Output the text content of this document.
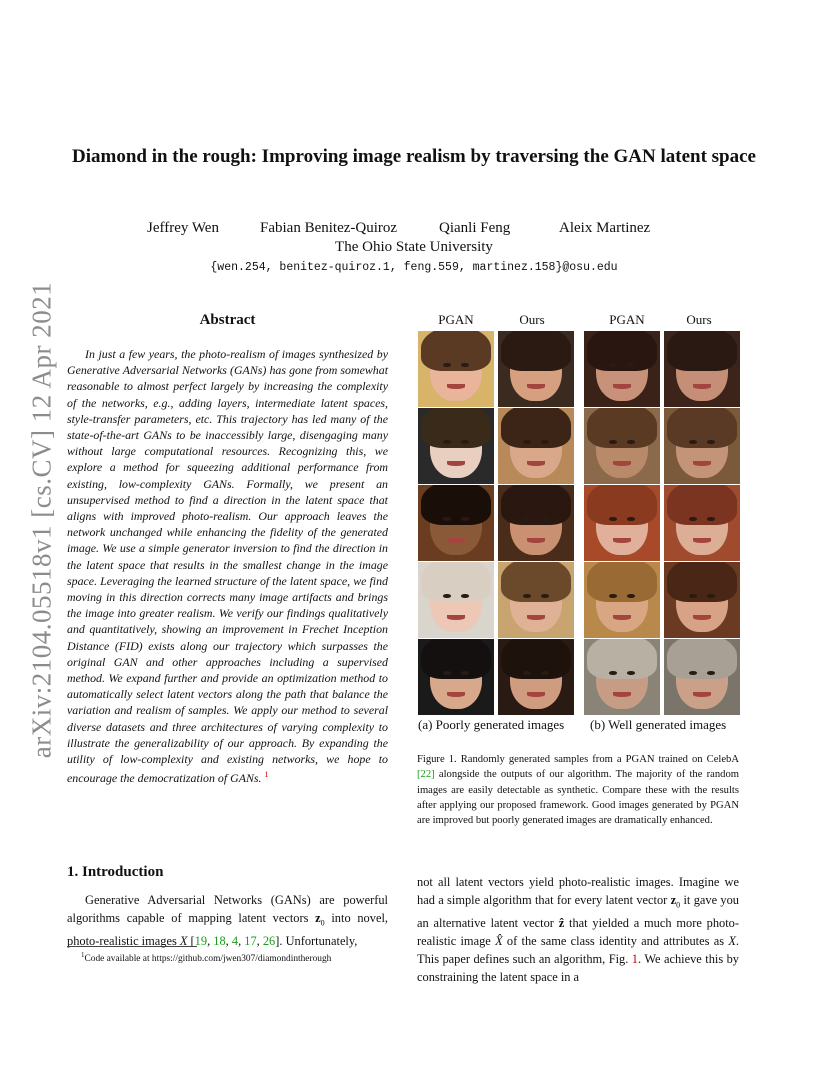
arXiv:2104.05518v1 [cs.CV] 12 Apr 2021
Diamond in the rough: Improving image realism by traversing the GAN latent space
Jeffrey Wen	Fabian Benitez-Quiroz	Qianli Feng	Aleix Martinez
The Ohio State University
{wen.254, benitez-quiroz.1, feng.559, martinez.158}@osu.edu
Abstract

In just a few years, the photo-realism of images synthesized by Generative Adversarial Networks (GANs) has gone from somewhat reasonable to almost perfect largely by increasing the complexity of the networks, e.g., adding layers, intermediate latent spaces, style-transfer parameters, etc. This trajectory has led many of the state-of-the-art GANs to be inaccessibly large, disengaging many without large computational resources. Recognizing this, we explore a method for squeezing additional performance from existing, low-complexity GANs. Formally, we present an unsupervised method to find a direction in the latent space that aligns with improved photo-realism. Our approach leaves the network unchanged while enhancing the fidelity of the generated image. We use a simple generator inversion to find the direction in the latent space that results in the smallest change in the image space. Leveraging the learned structure of the latent space, we find moving in this direction corrects many image artifacts and brings the image into greater realism. We verify our findings qualitatively and quantitatively, showing an improvement in Frechet Inception Distance (FID) exists along our trajectory which surpasses the original GAN and other approaches including a supervised method. We expand further and provide an optimization method to automatically select latent vectors along the path that balance the variation and realism of samples. We apply our method to several diverse datasets and three architectures of varying complexity to illustrate the generalizability of our approach. By expanding the utility of low-complexity and existing networks, we hope to encourage the democratization of GANs. $^1$

PGAN	Ours	PGAN	Ours
(a) Poorly generated images (b) Well generated images

Figure 1. Randomly generated samples from a PGAN trained on CelebA [22] alongside the outputs of our algorithm. The majority of the random images are easily detectable as synthetic. Compare these with the results after applying our proposed framework. Good images generated by PGAN are improved but poorly generated images are dramatically enhanced.

1. Introduction

Generative Adversarial Networks (GANs) are powerful algorithms capable of mapping latent vectors $z_0$ into novel, photo-realistic images X [19, 18, 4, 17, 26]. Unfortunately,

$^1$Code available at https://github.com/jwen307/diamondintherough

not all latent vectors yield photo-realistic images. Imagine we had a simple algorithm that for every latent vector $z_0$ it gave you an alternative latent vector ẑ that yielded a much more photo-realistic image X̂ of the same class identity and attributes as X. This paper defines such an algorithm, Fig. 1. We achieve this by constraining the latent space in a
